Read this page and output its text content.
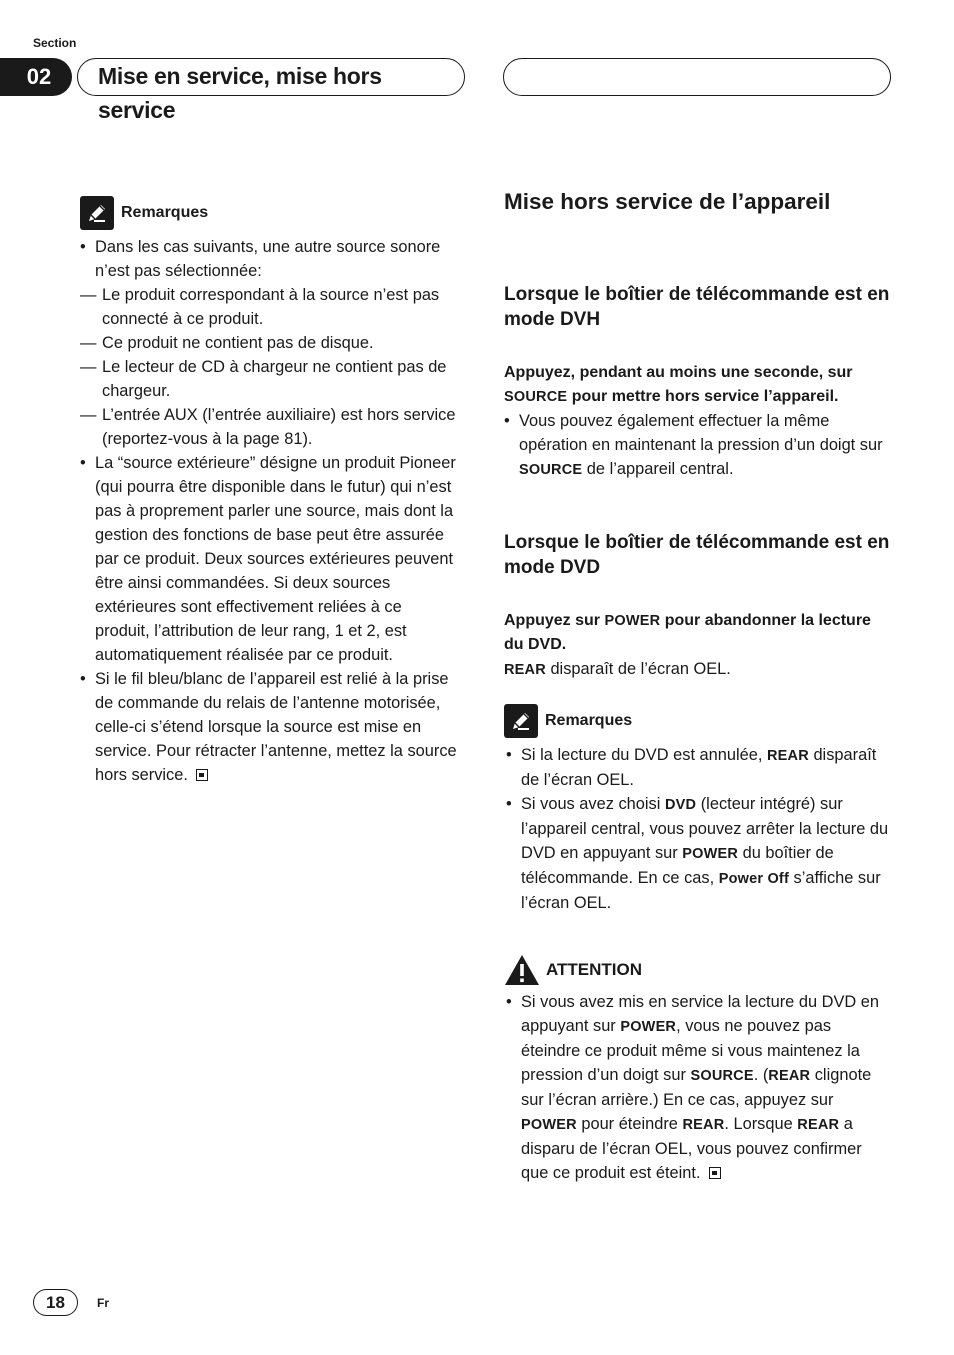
Section
02	Mise en service, mise hors service
Remarques

• Dans les cas suivants, une autre source sonore n’est pas sélectionnée:

— Le produit correspondant à la source n’est pas connecté à ce produit.

— Ce produit ne contient pas de disque.

— Le lecteur de CD à chargeur ne contient pas de chargeur.

— L’entrée AUX (l’entrée auxiliaire) est hors service (reportez-vous à la page 81).

• La “source extérieure” désigne un produit Pioneer (qui pourra être disponible dans le futur) qui n’est pas à proprement parler une source, mais dont la gestion des fonctions de base peut être assurée par ce produit. Deux sources extérieures peuvent être ainsi commandées. Si deux sources extérieures sont effectivement reliées à ce produit, l’attribution de leur rang, 1 et 2, est automatiquement réalisée par ce produit.

• Si le fil bleu/blanc de l’appareil est relié à la prise de commande du relais de l’antenne motorisée, celle-ci s’étend lorsque la source est mise en service. Pour rétracter l’antenne, mettez la source hors service.

Mise hors service de l’appareil
Lorsque le boîtier de télécommande est en mode DVH

Appuyez, pendant au moins une seconde, sur SOURCE pour mettre hors service l’appareil.

• Vous pouvez également effectuer la même opération en maintenant la pression d’un doigt sur SOURCE de l’appareil central.

Lorsque le boîtier de télécommande est en mode DVD

Appuyez sur POWER pour abandonner la lecture du DVD.

REAR disparaît de l’écran OEL.

Remarques

• Si la lecture du DVD est annulée, REAR disparaît de l’écran OEL.

• Si vous avez choisi DVD (lecteur intégré) sur l’appareil central, vous pouvez arrêter la lecture du DVD en appuyant sur POWER du boîtier de télécommande. En ce cas, Power Off s’affiche sur l’écran OEL.

ATTENTION

• Si vous avez mis en service la lecture du DVD en appuyant sur POWER, vous ne pouvez pas éteindre ce produit même si vous maintenez la pression d’un doigt sur SOURCE. (REAR clignote sur l’écran arrière.) En ce cas, appuyez sur POWER pour éteindre REAR. Lorsque REAR a disparu de l’écran OEL, vous pouvez confirmer que ce produit est éteint.

18	Fr
